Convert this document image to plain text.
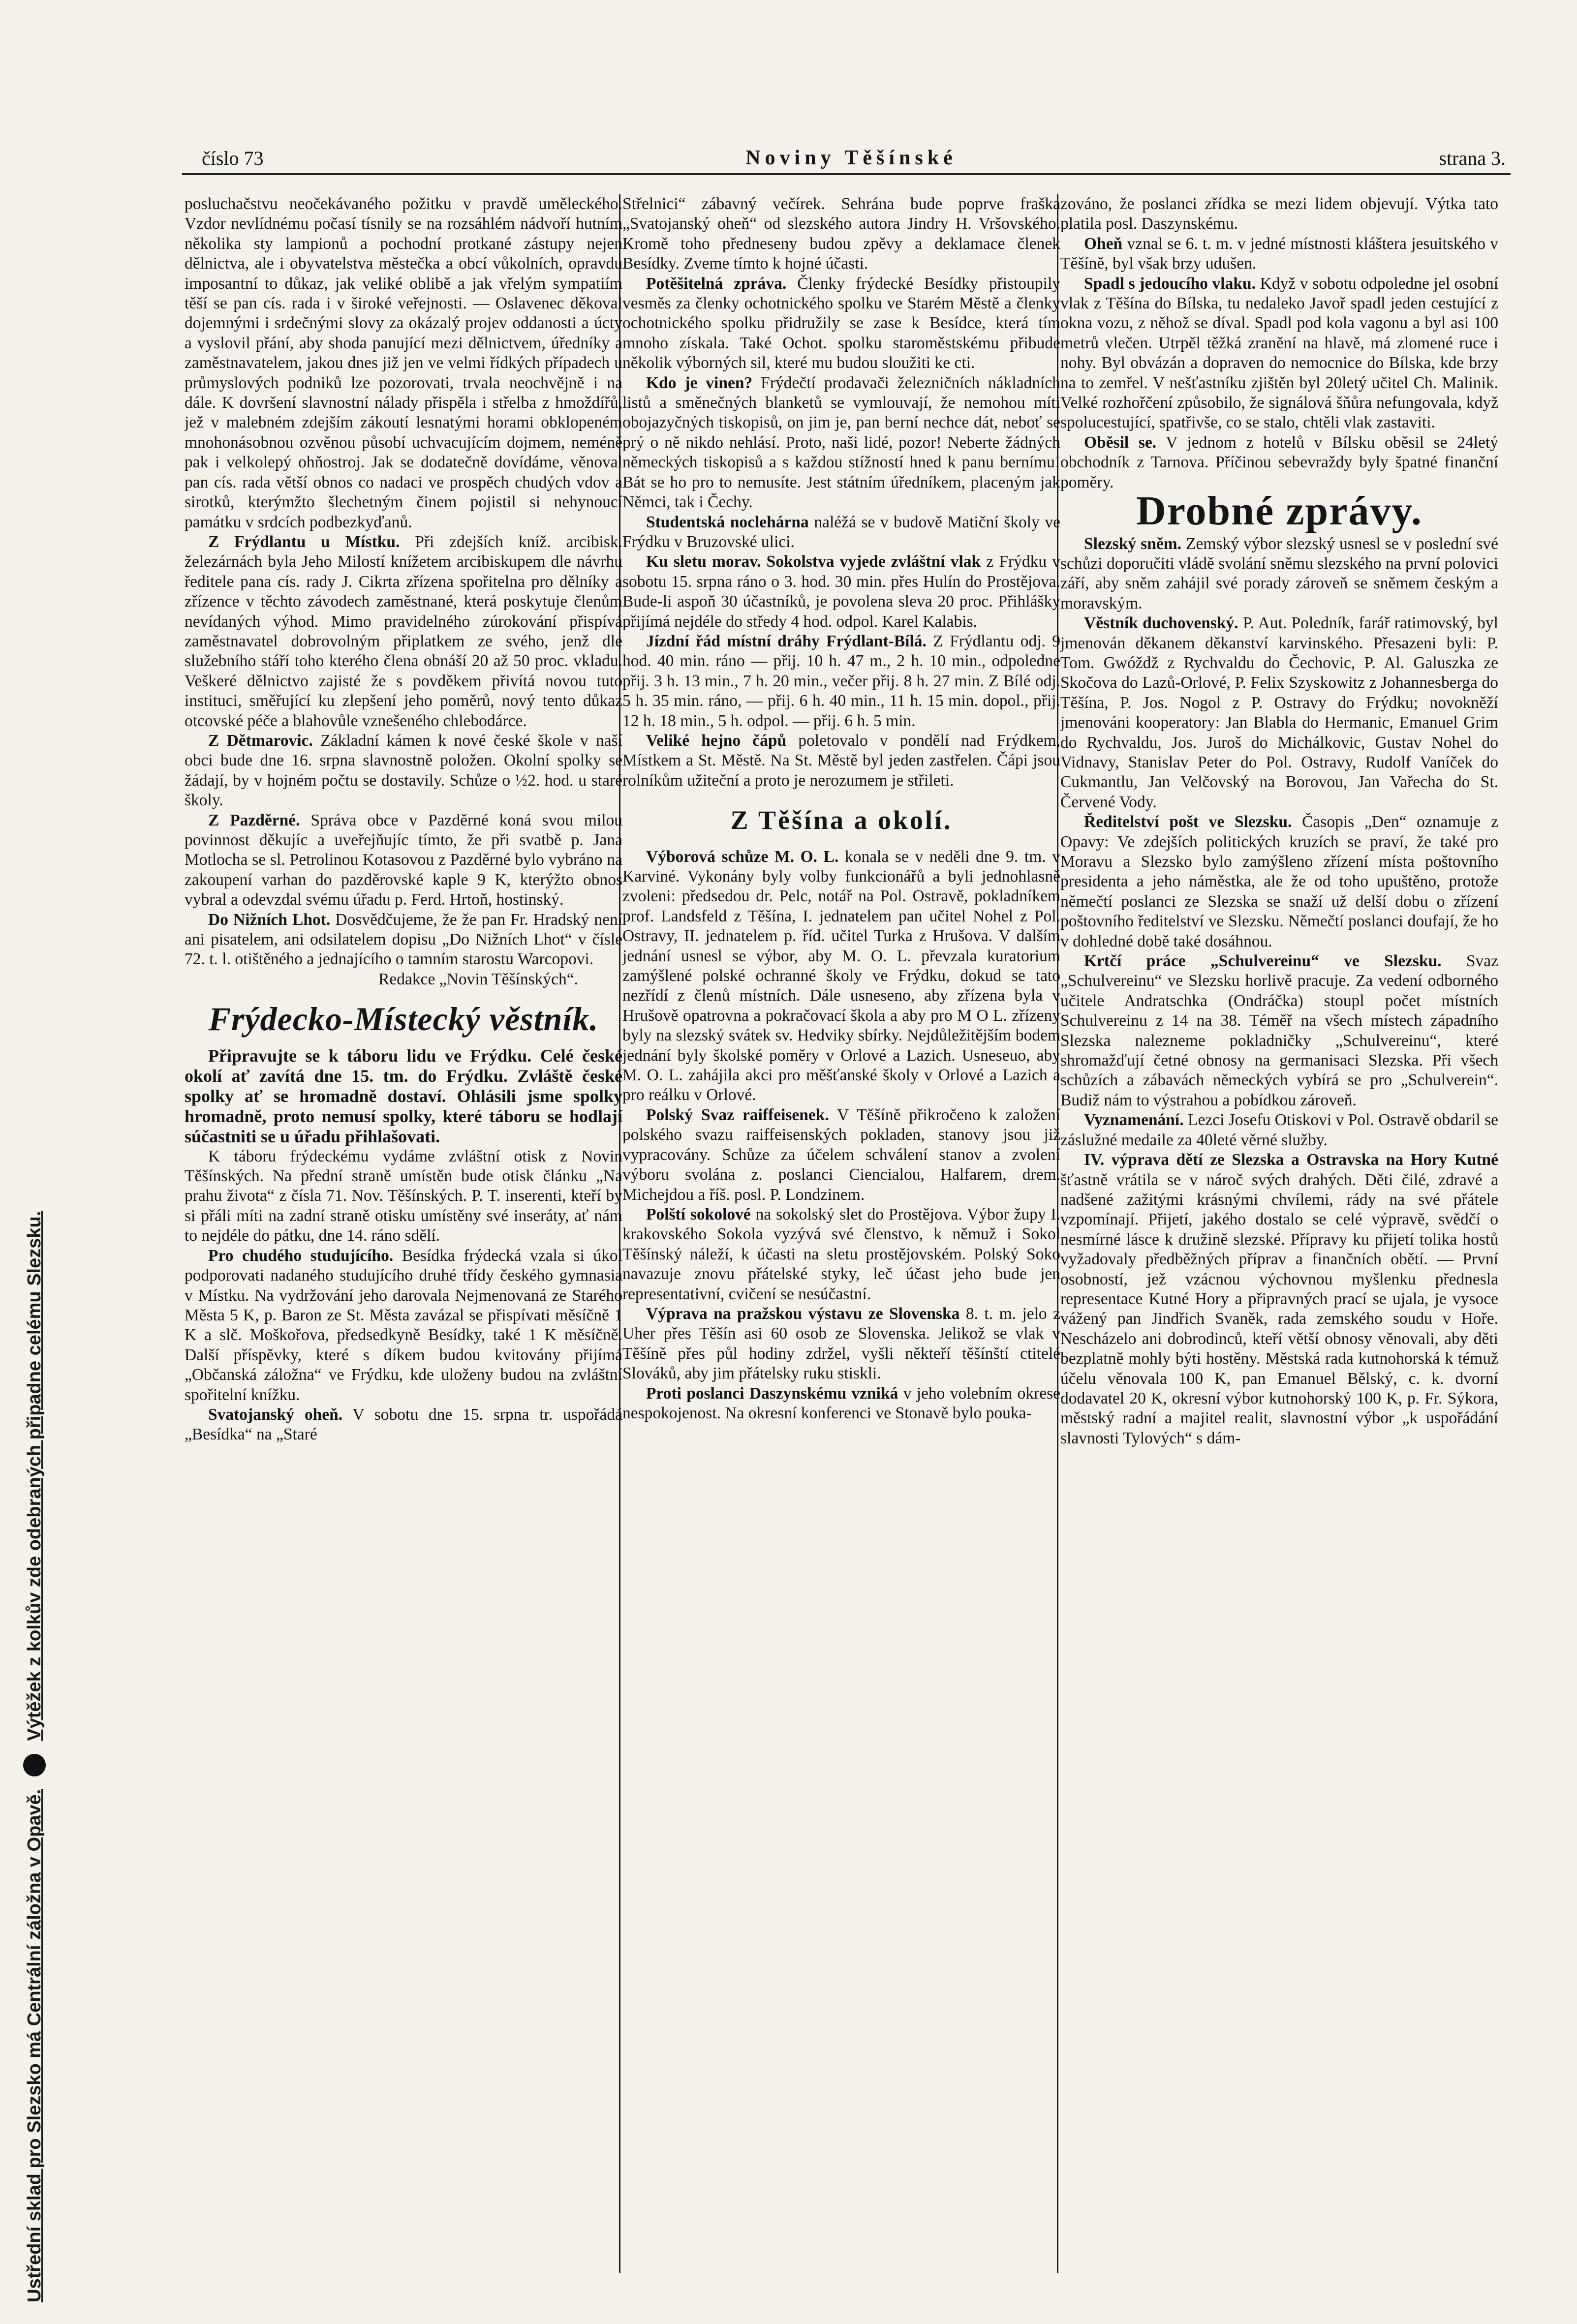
Ustřední sklad pro Slezsko má Centrální záložna v Opavě.
Výtěžek z kolkův zde odebraných připadne celému Slezsku.
číslo 73	Noviny Těšínské	strana 3.

posluchačstvu neočekávaného požitku v pravdě uměleckého. Vzdor nevlídnému počasí tísnily se na rozsáhlém nádvoří hutním několika sty lampionů a pochodní protkané zástupy nejen dělnictva, ale i obyvatelstva městečka a obcí vůkolních, opravdu imposantní to důkaz, jak veliké oblibě a jak vřelým sympatiím těší se pan cís. rada i v široké veřejnosti. — Oslavenec děkoval dojemnými i srdečnými slovy za okázalý projev oddanosti a úcty a vyslovil přání, aby shoda panující mezi dělnictvem, úředníky a zaměstnavatelem, jakou dnes již jen ve velmi řídkých případech u průmyslových podniků lze pozorovati, trvala neochvějně i na dále. K dovršení slavnostní nálady přispěla i střelba z hmoždířů, jež v malebném zdejším zákoutí lesnatými horami obklopeném mnohonásobnou ozvěnou působí uchvacujícím dojmem, neméně pak i velkolepý ohňostroj. Jak se dodatečně dovídáme, věnoval pan cís. rada větší obnos co nadaci ve prospěch chudých vdov a sirotků, kterýmžto šlechetným činem pojistil si nehynoucí památku v srdcích podbezkyďanů.

Z Frýdlantu u Místku. Při zdejších kníž. arcibisk. železárnách byla Jeho Milostí knížetem arcibiskupem dle návrhu ředitele pana cís. rady J. Cikrta zřízena spořitelna pro dělníky a zřízence v těchto závodech zaměstnané, která poskytuje členům nevídaných výhod. Mimo pravidelného zúrokování přispívá zaměstnavatel dobrovolným připlatkem ze svého, jenž dle služebního stáří toho kterého člena obnáší 20 až 50 proc. vkladu. Veškeré dělnictvo zajisté že s povděkem přivítá novou tuto instituci, směřující ku zlepšení jeho poměrů, nový tento důkaz otcovské péče a blahovůle vznešeného chlebodárce.

Z Dětmarovic. Základní kámen k nové české škole v naší obci bude dne 16. srpna slavnostně položen. Okolní spolky se žádají, by v hojném počtu se dostavily. Schůze o ½2. hod. u staré školy.

Z Pazděrné. Správa obce v Pazděrné koná svou milou povinnost děkujíc a uveřejňujíc tímto, že při svatbě p. Jana Motlocha se sl. Petrolinou Kotasovou z Pazděrné bylo vybráno na zakoupení varhan do pazděrovské kaple 9 K, kterýžto obnos vybral a odevzdal svému úřadu p. Ferd. Hrtoň, hostinský.

Do Nižních Lhot. Dosvědčujeme, že že pan Fr. Hradský není ani pisatelem, ani odsilatelem dopisu „Do Nižních Lhot“ v čísle 72. t. l. otištěného a jednajícího o tamním starostu Warcopovi.

Redakce „Novin Těšínských“.

Frýdecko-Místecký věstník.

Připravujte se k táboru lidu ve Frýdku. Celé české okolí ať zavítá dne 15. tm. do Frýdku. Zvláště české spolky ať se hromadně dostaví. Ohlásili jsme spolky hromadně, proto nemusí spolky, které táboru se hodlají súčastniti se u úřadu přihlašovati.

K táboru frýdeckému vydáme zvláštní otisk z Novin Těšínských. Na přední straně umístěn bude otisk článku „Na prahu života“ z čísla 71. Nov. Těšínských. P. T. inserenti, kteří by si přáli míti na zadní straně otisku umístěny své inseráty, ať nám to nejdéle do pátku, dne 14. ráno sdělí.

Pro chudého studujícího. Besídka frýdecká vzala si úkol podporovati nadaného studujícího druhé třídy českého gymnasia v Místku. Na vydržování jeho darovala Nejmenovaná ze Starého Města 5 K, p. Baron ze St. Města zavázal se přispívati měsíčně 1 K a slč. Moškořova, předsedkyně Besídky, také 1 K měsíčně. Další příspěvky, které s díkem budou kvitovány přijímá „Občanská záložna“ ve Frýdku, kde uloženy budou na zvláštní spořitelní knížku.

Svatojanský oheň. V sobotu dne 15. srpna tr. uspořádá „Besídka“ na „Staré

Střelnici“ zábavný večírek. Sehrána bude poprve fraška „Svatojanský oheň“ od slezského autora Jindry H. Vršovského. Kromě toho předneseny budou zpěvy a deklamace členek Besídky. Zveme tímto k hojné účasti.

Potěšitelná zpráva. Členky frýdecké Besídky přistoupily vesměs za členky ochotnického spolku ve Starém Městě a členky ochotnického spolku přidružily se zase k Besídce, která tím mnoho získala. Také Ochot. spolku staroměstskému přibude několik výborných sil, které mu budou sloužiti ke cti.

Kdo je vinen? Frýdečtí prodavači železničních nákladních listů a směnečných blanketů se vymlouvají, že nemohou míti obojazyčných tiskopisů, on jim je, pan berní nechce dát, neboť se prý o ně nikdo nehlásí. Proto, naši lidé, pozor! Neberte žádných německých tiskopisů a s každou stížností hned k panu bernímu! Bát se ho pro to nemusíte. Jest státním úředníkem, placeným jak Němci, tak i Čechy.

Studentská noclehárna naléžá se v budově Matiční školy ve Frýdku v Bruzovské ulici.

Ku sletu morav. Sokolstva vyjede zvláštní vlak z Frýdku v sobotu 15. srpna ráno o 3. hod. 30 min. přes Hulín do Prostějova. Bude-li aspoň 30 účastníků, je povolena sleva 20 proc. Přihlášky přijímá nejdéle do středy 4 hod. odpol. Karel Kalabis.

Jízdní řád místní dráhy Frýdlant-Bílá. Z Frýdlantu odj. 9 hod. 40 min. ráno — přij. 10 h. 47 m., 2 h. 10 min., odpoledne přij. 3 h. 13 min., 7 h. 20 min., večer přij. 8 h. 27 min. Z Bílé odj. 5 h. 35 min. ráno, — přij. 6 h. 40 min., 11 h. 15 min. dopol., přij. 12 h. 18 min., 5 h. odpol. — přij. 6 h. 5 min.

Veliké hejno čápů poletovalo v pondělí nad Frýdkem, Místkem a St. Městě. Na St. Městě byl jeden zastřelen. Čápi jsou rolníkům užiteční a proto je nerozumem je střileti.

Z Těšína a okolí.

Výborová schůze M. O. L. konala se v neděli dne 9. tm. v Karviné. Vykonány byly volby funkcionářů a byli jednohlasně zvoleni: předsedou dr. Pelc, notář na Pol. Ostravě, pokladníkem prof. Landsfeld z Těšína, I. jednatelem pan učitel Nohel z Pol. Ostravy, II. jednatelem p. říd. učitel Turka z Hrušova. V dalším jednání usnesl se výbor, aby M. O. L. převzala kuratorium zamýšlené polské ochranné školy ve Frýdku, dokud se tato nezřídí z členů místních. Dále usneseno, aby zřízena byla v Hrušově opatrovna a pokračovací škola a aby pro M O L. zřízeny byly na slezský svátek sv. Hedviky sbírky. Nejdůležitějším bodem jednání byly školské poměry v Orlové a Lazich. Usneseuo, aby M. O. L. zahájila akci pro měšťanské školy v Orlové a Lazich a pro reálku v Orlové.

Polský Svaz raiffeisenek. V Těšíně přikročeno k založení polského svazu raiffeisenských pokladen, stanovy jsou již vypracovány. Schůze za účelem schválení stanov a zvolení výboru svolána z. poslanci Ciencialou, Halfarem, drem. Michejdou a říš. posl. P. Londzinem.

Polští sokolové na sokolský slet do Prostějova. Výbor župy I. krakovského Sokola vyzývá své členstvo, k němuž i Sokol Těšínský náleží, k účasti na sletu prostějovském. Polský Soko navazuje znovu přátelské styky, leč účast jeho bude jen representativní, cvičení se nesúčastní.

Výprava na pražskou výstavu ze Slovenska 8. t. m. jelo z Uher přes Těšín asi 60 osob ze Slovenska. Jelikož se vlak v Těšíně přes půl hodiny zdržel, vyšli někteří těšínští ctitelé Slováků, aby jim přátelsky ruku stiskli.

Proti poslanci Daszynskému vzniká v jeho volebním okrese nespokojenost. Na okresní konferenci ve Stonavě bylo pouka-

zováno, že poslanci zřídka se mezi lidem objevují. Výtka tato platila posl. Daszynskému.

Oheň vznal se 6. t. m. v jedné místnosti kláštera jesuitského v Těšíně, byl však brzy udušen.

Spadl s jedoucího vlaku. Když v sobotu odpoledne jel osobní vlak z Těšína do Bílska, tu nedaleko Javoř spadl jeden cestující z okna vozu, z něhož se díval. Spadl pod kola vagonu a byl asi 100 metrů vlečen. Utrpěl těžká zranění na hlavě, má zlomené ruce i nohy. Byl obvázán a dopraven do nemocnice do Bílska, kde brzy na to zemřel. V nešťastníku zjištěn byl 20letý učitel Ch. Malinik. Velké rozhořčení způsobilo, že signálová šňůra nefungovala, když spolucestující, spatřivše, co se stalo, chtěli vlak zastaviti.

Oběsil se. V jednom z hotelů v Bílsku oběsil se 24letý obchodník z Tarnova. Příčinou sebevraždy byly špatné finanční poměry.

Drobné zprávy.

Slezský sněm. Zemský výbor slezský usnesl se v poslední své schůzi doporučiti vládě svolání sněmu slezského na první polovici září, aby sněm zahájil své porady zároveň se sněmem českým a moravským.

Věstník duchovenský. P. Aut. Poledník, farář ratimovský, byl jmenován děkanem děkanství karvinského. Přesazeni byli: P. Tom. Gwóždž z Rychvaldu do Čechovic, P. Al. Galuszka ze Skočova do Lazů-Orlové, P. Felix Szyskowitz z Johannesberga do Těšína, P. Jos. Nogol z P. Ostravy do Frýdku; novokněží jmenováni kooperatory: Jan Blabla do Hermanic, Emanuel Grim do Rychvaldu, Jos. Juroš do Michálkovic, Gustav Nohel do Vidnavy, Stanislav Peter do Pol. Ostravy, Rudolf Vaníček do Cukmantlu, Jan Velčovský na Borovou, Jan Vařecha do St. Červené Vody.

Ředitelství pošt ve Slezsku. Časopis „Den“ oznamuje z Opavy: Ve zdejších politických kruzích se praví, že také pro Moravu a Slezsko bylo zamýšleno zřízení místa poštovního presidenta a jeho náměstka, ale že od toho upuštěno, protože němečtí poslanci ze Slezska se snaží už delší dobu o zřízení poštovního ředitelství ve Slezsku. Němečtí poslanci doufají, že ho v dohledné době také dosáhnou.

Krtčí práce „Schulvereinu“ ve Slezsku. Svaz „Schulvereinu“ ve Slezsku horlivě pracuje. Za vedení odborného učitele Andratschka (Ondráčka) stoupl počet místních Schulvereinu z 14 na 38. Téměř na všech místech západního Slezska nalezneme pokladničky „Schulvereinu“, které shromažďují četné obnosy na germanisaci Slezska. Při všech schůzích a zábavách německých vybírá se pro „Schulverein“. Budiž nám to výstrahou a pobídkou zároveň.

Vyznamenání. Lezci Josefu Otiskovi v Pol. Ostravě obdaril se záslužné medaile za 40leté věrné služby.

IV. výprava dětí ze Slezska a Ostravska na Hory Kutné šťastně vrátila se v nároč svých drahých. Děti čilé, zdravé a nadšené zažitými krásnými chvílemi, rády na své přátele vzpomínají. Přijetí, jakého dostalo se celé výpravě, svědčí o nesmírné lásce k družině slezské. Přípravy ku přijetí tolika hostů vyžadovaly předběžných příprav a finančních obětí. — První osobností, jež vzácnou výchovnou myšlenku přednesla representace Kutné Hory a připravných prací se ujala, je vysoce vážený pan Jindřich Svaněk, rada zemského soudu v Hoře. Nescházelo ani dobrodinců, kteří větší obnosy věnovali, aby děti bezplatně mohly býti hostěny. Městská rada kutnohorská k témuž účelu věnovala 100 K, pan Emanuel Bělský, c. k. dvorní dodavatel 20 K, okresní výbor kutnohorský 100 K, p. Fr. Sýkora, městský radní a majitel realit, slavnostní výbor „k uspořádání slavnosti Tylových“ s dám-
